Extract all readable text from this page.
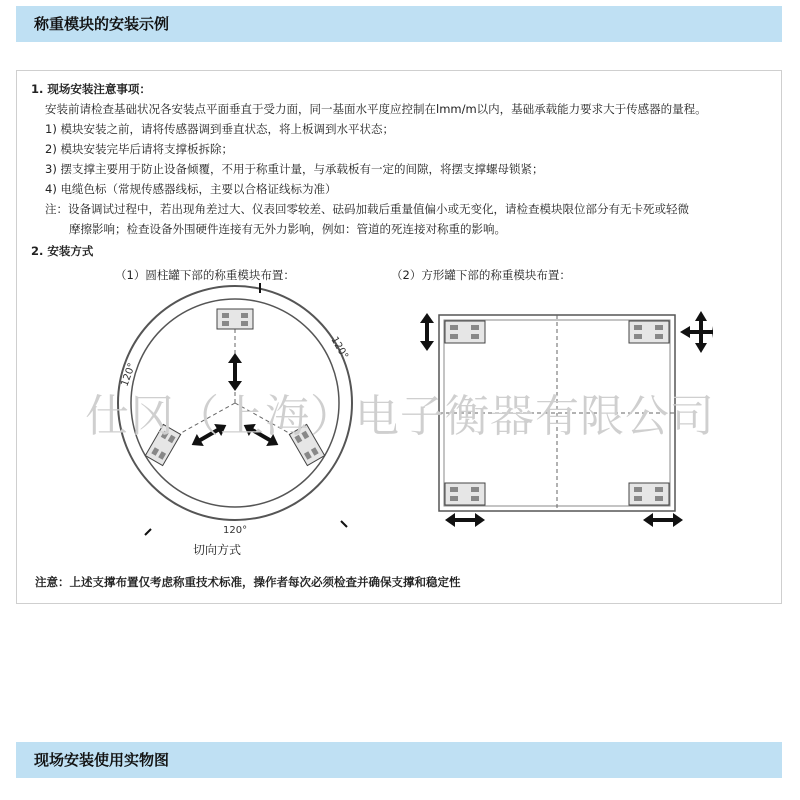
称重模块的安装示例
1. 现场安装注意事项：
安装前请检查基础状况各安装点平面垂直于受力面，同一基面水平度应控制在lmm/m以内，基础承载能力要求大于传感器的量程。
1) 模块安装之前，请将传感器调到垂直状态，将上板调到水平状态；
2) 模块安装完毕后请将支撑板拆除；
3) 摆支撑主要用于防止设备倾覆，不用于称重计量，与承载板有一定的间隙，将摆支撑螺母锁紧；
4) 电缆色标（常规传感器线标，主要以合格证线标为准）
注：设备调试过程中，若出现角差过大、仪表回零较差、砝码加载后重量值偏小或无变化，请检查模块限位部分有无卡死或轻微
摩擦影响；检查设备外围硬件连接有无外力影响，例如：管道的死连接对称重的影响。
2. 安装方式
（1）圆柱罐下部的称重模块布置：	（2）方形罐下部的称重模块布置：
120°
120°
120°
切向方式
注意：上述支撑布置仅考虑称重技术标准，操作者每次必须检查并确保支撑和稳定性
仕冈（上海）电子衡器有限公司
现场安装使用实物图
